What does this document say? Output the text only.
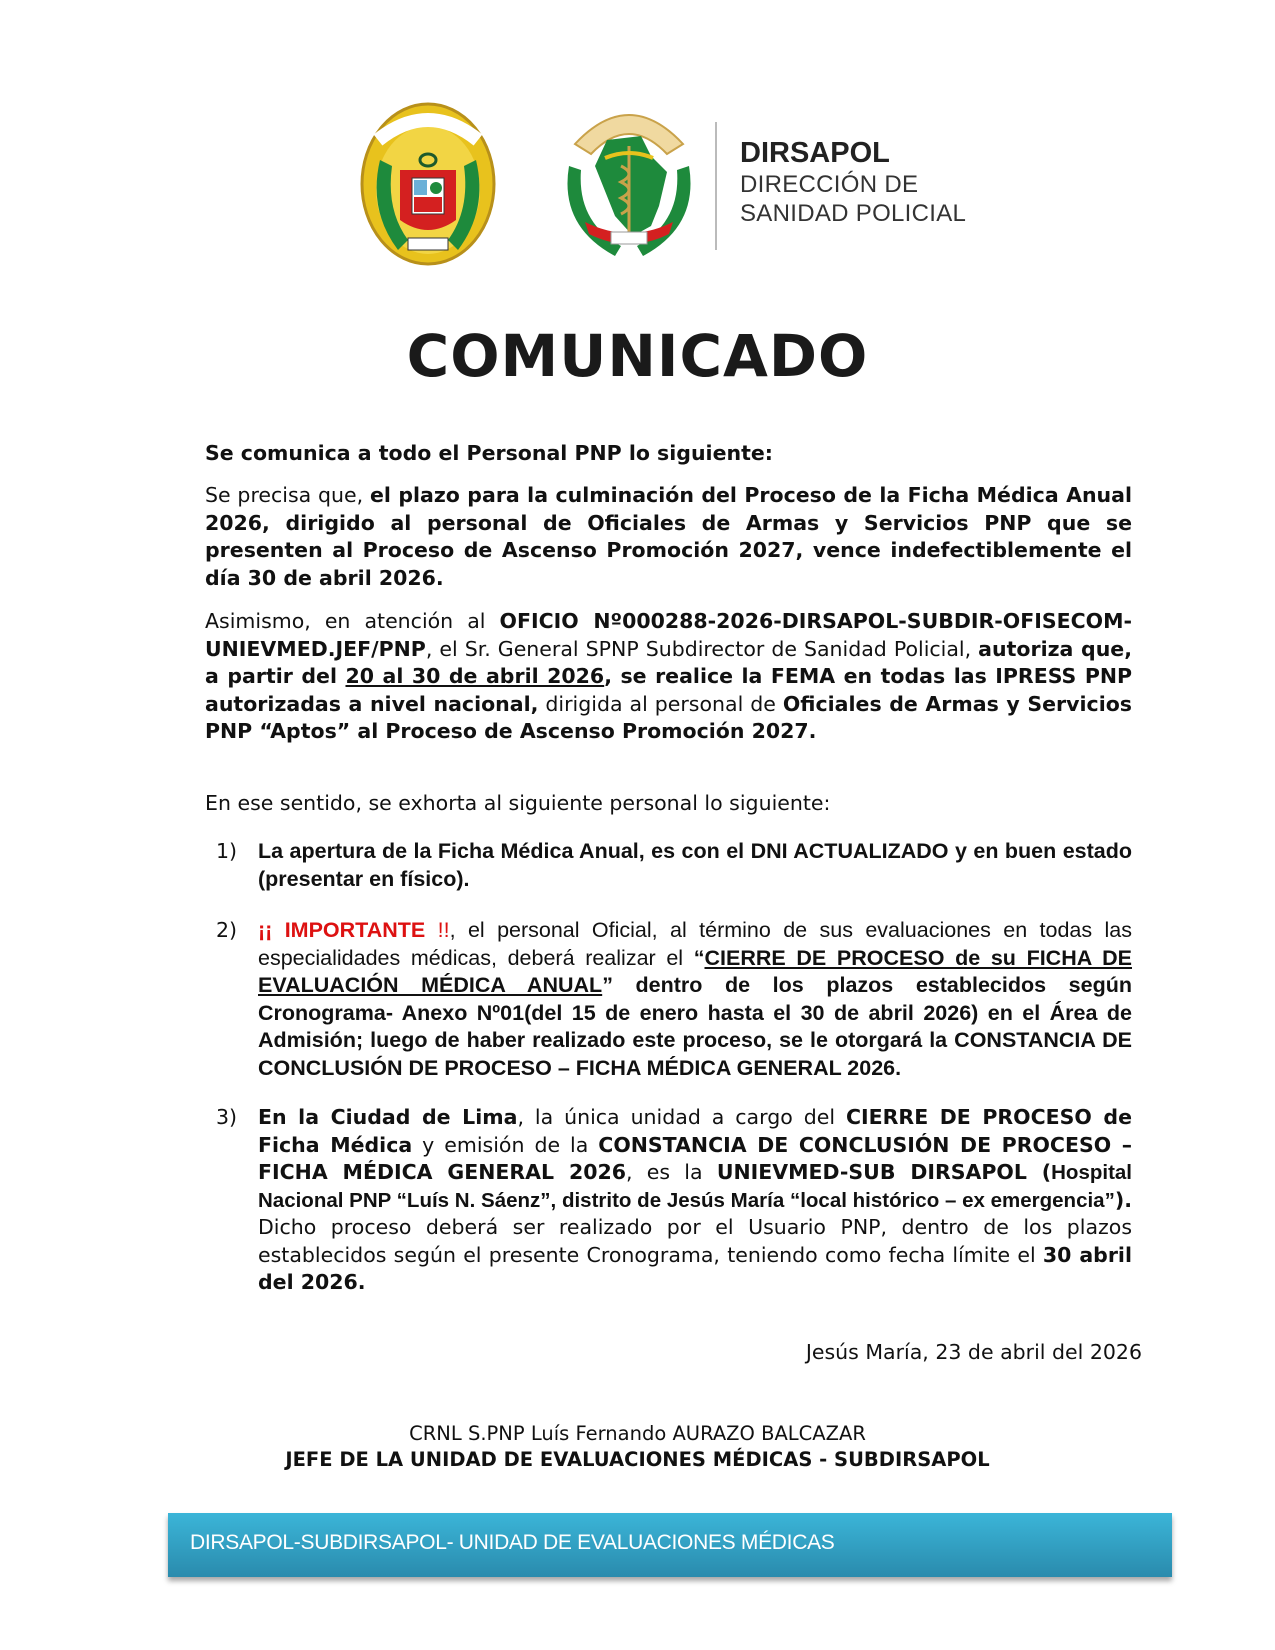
DIRSAPOL
DIRECCIÓN DE
SANIDAD POLICIAL
COMUNICADO
Se comunica a todo el Personal PNP lo siguiente:
Se precisa que, el plazo para la culminación del Proceso de la Ficha Médica Anual 2026, dirigido al personal de Oficiales de Armas y Servicios PNP que se presenten al Proceso de Ascenso Promoción 2027, vence indefectiblemente el día 30 de abril 2026.
Asimismo, en atención al OFICIO Nº000288-2026-DIRSAPOL-SUBDIR-OFISECOM-UNIEVMED.JEF/PNP, el Sr. General SPNP Subdirector de Sanidad Policial, autoriza que, a partir del 20 al 30 de abril 2026, se realice la FEMA en todas las IPRESS PNP autorizadas a nivel nacional, dirigida al personal de Oficiales de Armas y Servicios PNP “Aptos” al Proceso de Ascenso Promoción 2027.
En ese sentido, se exhorta al siguiente personal lo siguiente:
1) La apertura de la Ficha Médica Anual, es con el DNI ACTUALIZADO y en buen estado (presentar en físico).
2) ¡¡ IMPORTANTE !!, el personal Oficial, al término de sus evaluaciones en todas las especialidades médicas, deberá realizar el “CIERRE DE PROCESO de su FICHA DE EVALUACIÓN MÉDICA ANUAL” dentro de los plazos establecidos según Cronograma- Anexo Nº01(del 15 de enero hasta el 30 de abril 2026) en el Área de Admisión; luego de haber realizado este proceso, se le otorgará la CONSTANCIA DE CONCLUSIÓN DE PROCESO – FICHA MÉDICA GENERAL 2026.
3) En la Ciudad de Lima, la única unidad a cargo del CIERRE DE PROCESO de Ficha Médica y emisión de la CONSTANCIA DE CONCLUSIÓN DE PROCESO – FICHA MÉDICA GENERAL 2026, es la UNIEVMED-SUB DIRSAPOL (Hospital Nacional PNP “Luís N. Sáenz”, distrito de Jesús María “local histórico – ex emergencia”). Dicho proceso deberá ser realizado por el Usuario PNP, dentro de los plazos establecidos según el presente Cronograma, teniendo como fecha límite el 30 abril del 2026.
Jesús María, 23 de abril del 2026
CRNL S.PNP Luís Fernando AURAZO BALCAZAR
JEFE DE LA UNIDAD DE EVALUACIONES MÉDICAS - SUBDIRSAPOL
DIRSAPOL-SUBDIRSAPOL- UNIDAD DE EVALUACIONES MÉDICAS
